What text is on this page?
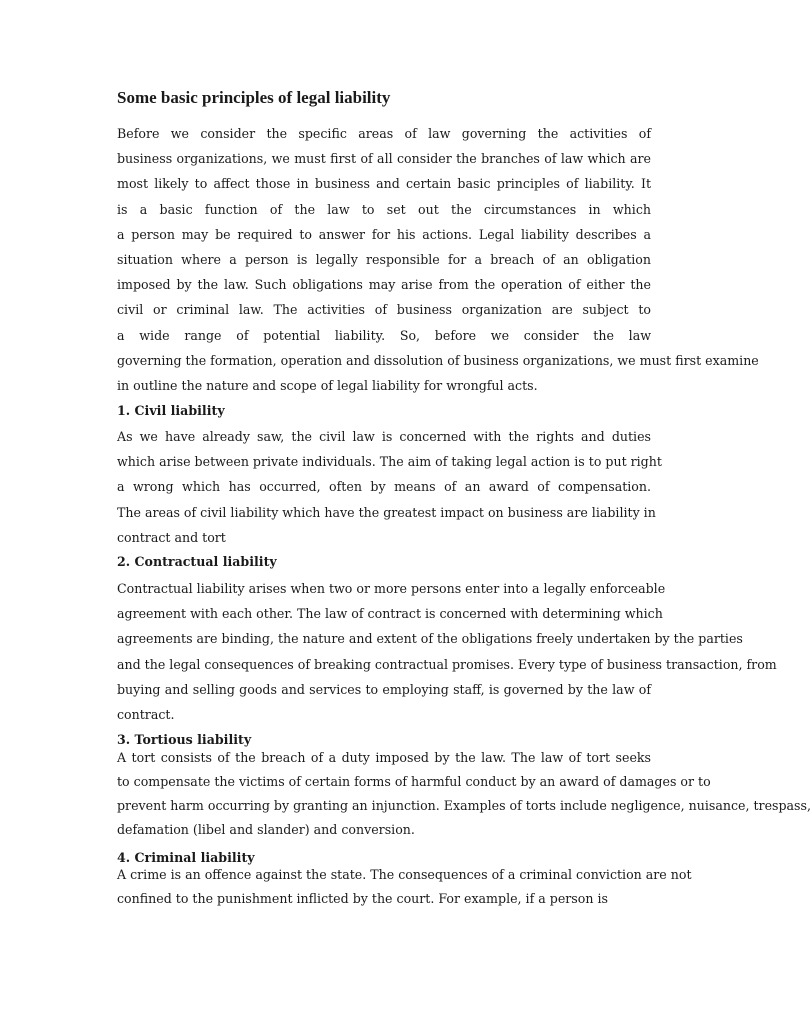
Some basic principles of legal liability

Before we consider the specific areas of law governing the activities of
business organizations, we must first of all consider the branches of law which are
most likely to affect those in business and certain basic principles of liability. It
is a basic function of the law to set out the circumstances in which
a person may be required to answer for his actions. Legal liability describes a
situation where a person is legally responsible for a breach of an obligation
imposed by the law. Such obligations may arise from the operation of either the
civil or criminal law. The activities of business organization are subject to
a wide range of potential liability. So, before we consider the law
governing the formation, operation and dissolution of business organizations, we must first examine
in outline the nature and scope of legal liability for wrongful acts.

1. Civil liability

As we have already saw, the civil law is concerned with the rights and duties
which arise between private individuals. The aim of taking legal action is to put right
a wrong which has occurred, often by means of an award of compensation.
The areas of civil liability which have the greatest impact on business are liability in
contract and tort

2. Contractual liability

Contractual liability arises when two or more persons enter into a legally enforceable
agreement with each other. The law of contract is concerned with determining which
agreements are binding, the nature and extent of the obligations freely undertaken by the parties
and the legal consequences of breaking contractual promises. Every type of business transaction, from
buying and selling goods and services to employing staff, is governed by the law of
contract.

3. Tortious liability

A tort consists of the breach of a duty imposed by the law. The law of tort seeks
to compensate the victims of certain forms of harmful conduct by an award of damages or to
prevent harm occurring by granting an injunction. Examples of torts include negligence, nuisance, trespass,
defamation (libel and slander) and conversion.

4. Criminal liability

A crime is an offence against the state. The consequences of a criminal conviction are not
confined to the punishment inflicted by the court. For example, if a person is
